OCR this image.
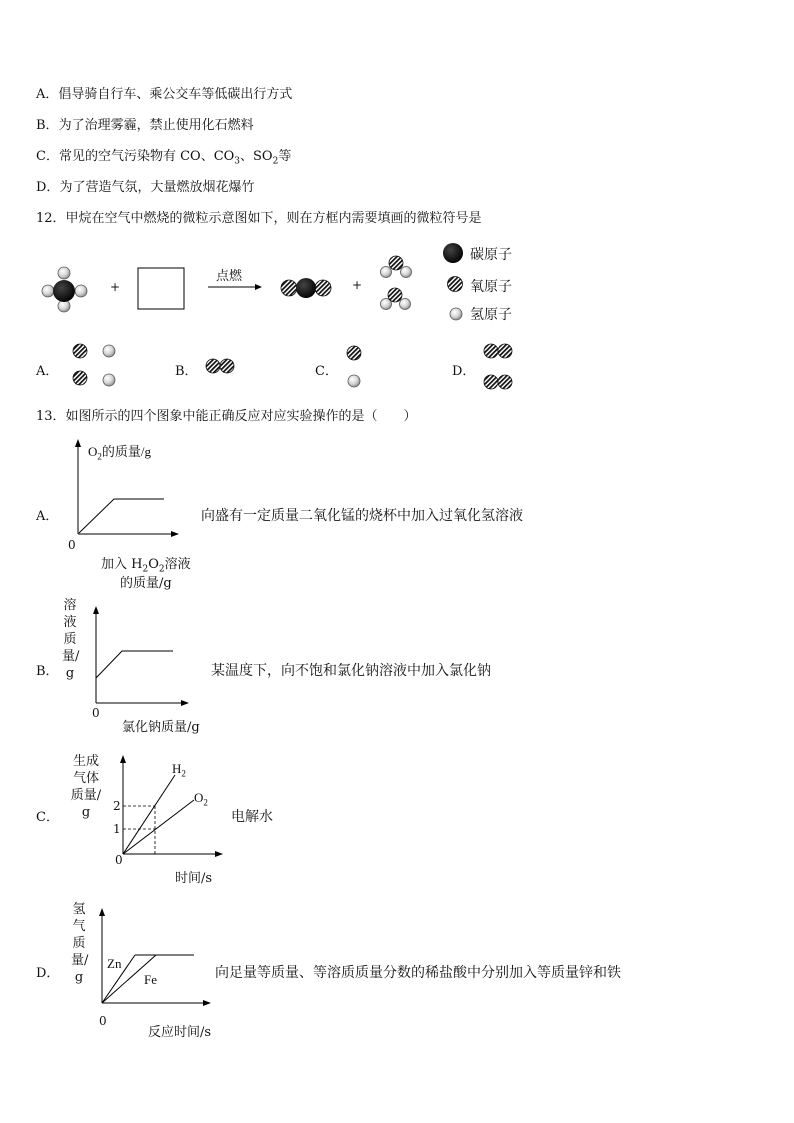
A．倡导骑自行车、乘公交车等低碳出行方式
B．为了治理雾霾，禁止使用化石燃料
C．常见的空气污染物有 CO、$CO_3$、$SO_2$等
D．为了营造气氛，大量燃放烟花爆竹
12．甲烷在空气中燃烧的微粒示意图如下，则在方框内需要填画的微粒符号是
+	+
点燃
碳原子
氧原子
氢原子
A．	B．	C．	D．
13．如图所示的四个图象中能正确反应对应实验操作的是（　　）
A．
$O_2$的质量/g
0
加入 $H_2O_2$溶液
的质量/g
向盛有一定质量二氧化锰的烧杯中加入过氧化氢溶液
溶液质量/g
B．
0
氯化钠质量/g
某温度下，向不饱和氯化钠溶液中加入氯化钠
生成气体质量/g
C．
2
1
0
$H_2$
$O_2$
时间/s
电解水
氢气质量/g
D．
Zn
Fe
0
反应时间/s
向足量等质量、等溶质质量分数的稀盐酸中分别加入等质量锌和铁
